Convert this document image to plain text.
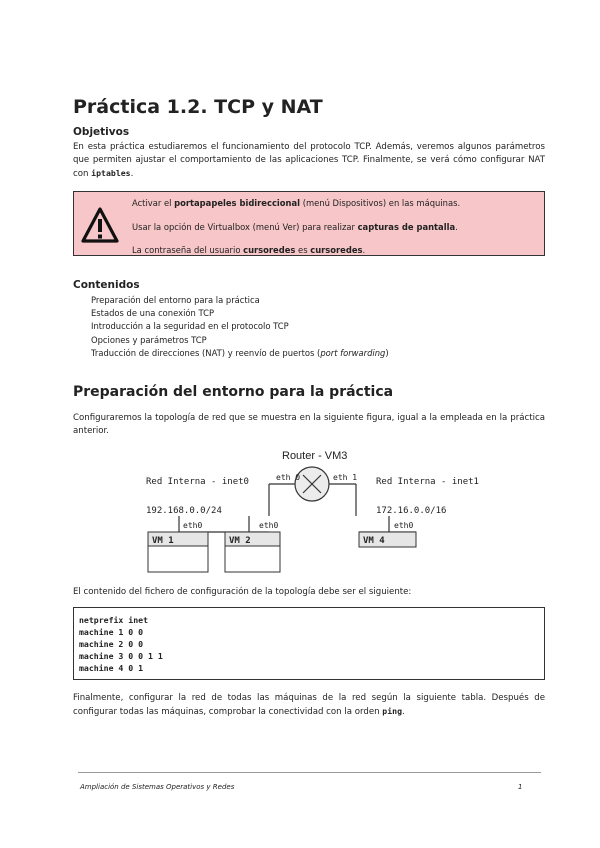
Práctica 1.2. TCP y NAT

Objetivos

En esta práctica estudiaremos el funcionamiento del protocolo TCP. Además, veremos algunos parámetros que permiten ajustar el comportamiento de las aplicaciones TCP. Finalmente, se verá cómo configurar NAT con iptables.

Activar el portapapeles bidireccional (menú Dispositivos) en las máquinas.
Usar la opción de Virtualbox (menú Ver) para realizar capturas de pantalla.
La contraseña del usuario cursoredes es cursoredes.

Contenidos

Preparación del entorno para la práctica
Estados de una conexión TCP
Introducción a la seguridad en el protocolo TCP
Opciones y parámetros TCP
Traducción de direcciones (NAT) y reenvío de puertos (port forwarding)
Preparación del entorno para la práctica

Configuraremos la topología de red que se muestra en la siguiente figura, igual a la empleada en la práctica anterior.

Router - VM3
eth 0	eth 1
Red Interna - inet0
192.168.0.0/24
Red Interna - inet1
172.16.0.0/16
eth0	eth0	eth0
VM 1	VM 2	VM 4

El contenido del fichero de configuración de la topología debe ser el siguiente:

netprefix inet
machine 1 0 0
machine 2 0 0
machine 3 0 0 1 1
machine 4 0 1

Finalmente, configurar la red de todas las máquinas de la red según la siguiente tabla. Después de configurar todas las máquinas, comprobar la conectividad con la orden ping.

Ampliación de Sistemas Operativos y Redes	1
